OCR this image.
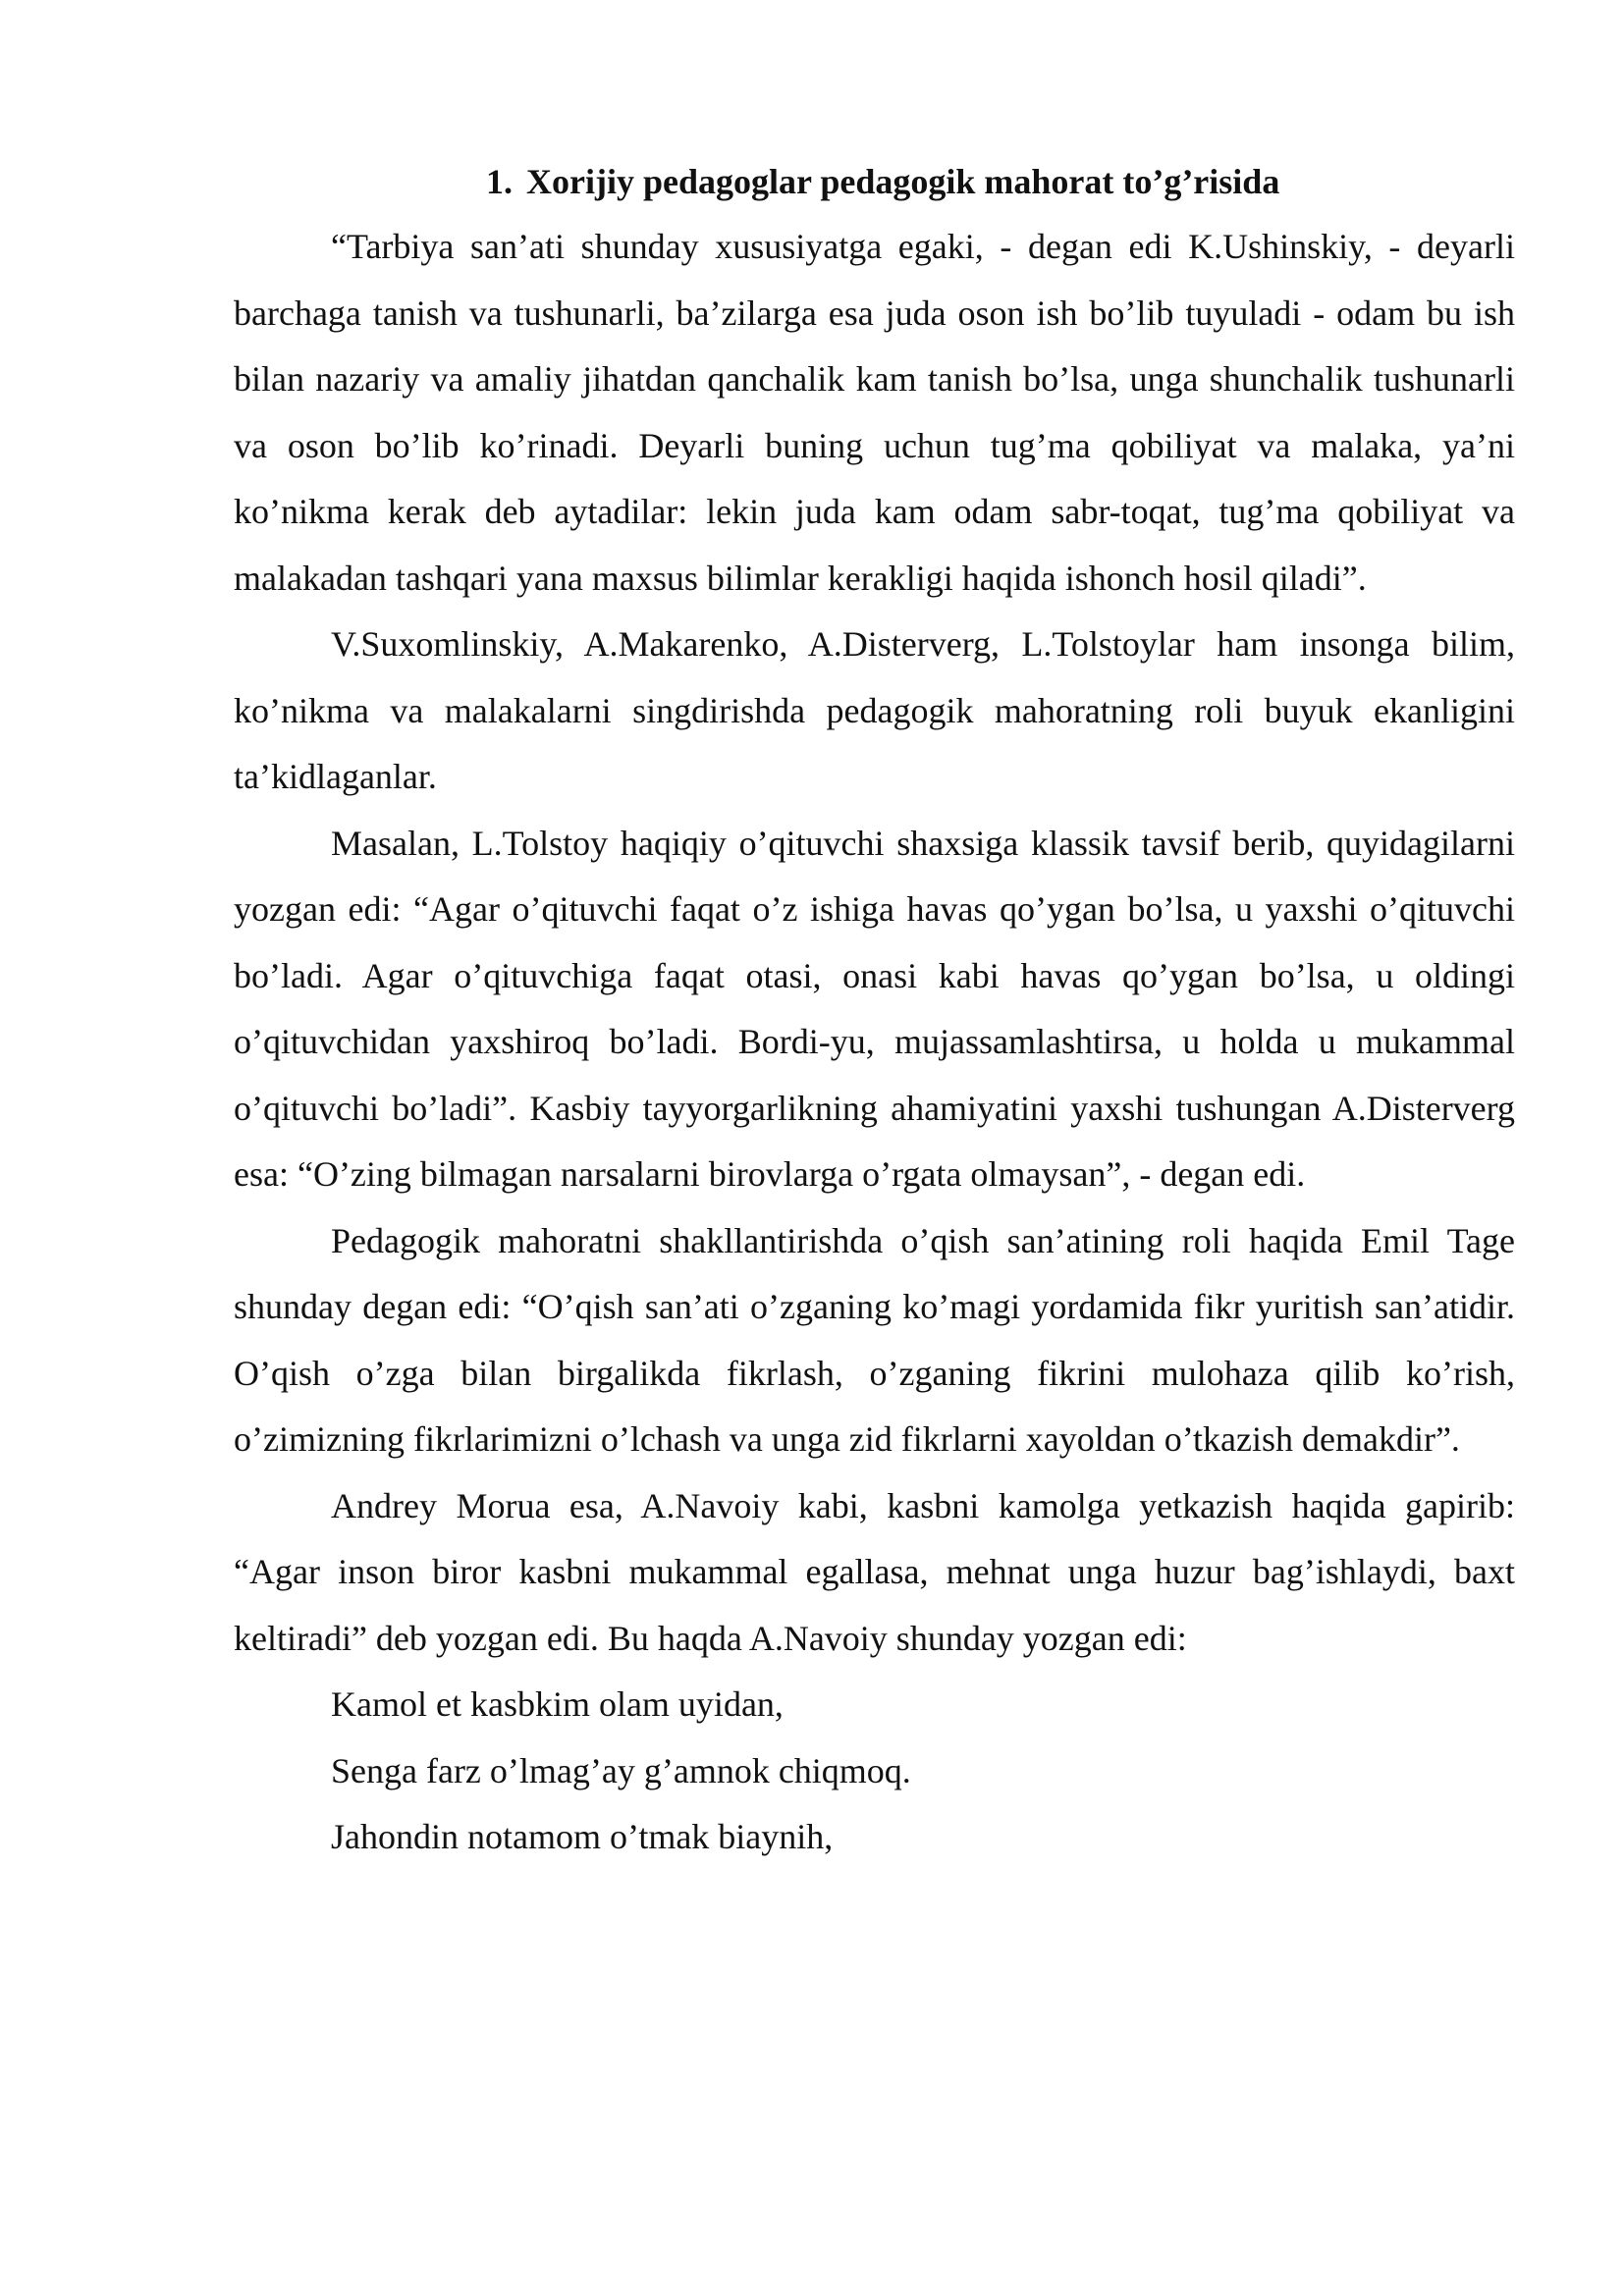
1. Xorijiy pedagoglar pedagogik mahorat to’g’risida

“Tarbiya san’ati shunday xususiyatga egaki, - degan edi K.Ushinskiy, - deyarli barchaga tanish va tushunarli, ba’zilarga esa juda oson ish bo’lib tuyuladi - odam bu ish bilan nazariy va amaliy jihatdan qanchalik kam tanish bo’lsa, unga shunchalik tushunarli va oson bo’lib ko’rinadi. Deyarli buning uchun tug’ma qobiliyat va malaka, ya’ni ko’nikma kerak deb aytadilar: lekin juda kam odam sabr-toqat, tug’ma qobiliyat va malakadan tashqari yana maxsus bilimlar kerakligi haqida ishonch hosil qiladi”.

V.Suxomlinskiy, A.Makarenko, A.Disterverg, L.Tolstoylar ham insonga bilim, ko’nikma va malakalarni singdirishda pedagogik mahoratning roli buyuk ekanligini ta’kidlaganlar.

Masalan, L.Tolstoy haqiqiy o’qituvchi shaxsiga klassik tavsif berib, quyidagilarni yozgan edi: “Agar o’qituvchi faqat o’z ishiga havas qo’ygan bo’lsa, u yaxshi o’qituvchi bo’ladi. Agar o’qituvchiga faqat otasi, onasi kabi havas qo’ygan bo’lsa, u oldingi o’qituvchidan yaxshiroq bo’ladi. Bordi-yu, mujassamlashtirsa, u holda u mukammal o’qituvchi bo’ladi”. Kasbiy tayyorgarlikning ahamiyatini yaxshi tushungan A.Disterverg esa: “O’zing bilmagan narsalarni birovlarga o’rgata olmaysan”, - degan edi.

Pedagogik mahoratni shakllantirishda o’qish san’atining roli haqida Emil Tage shunday degan edi: “O’qish san’ati o’zganing ko’magi yordamida fikr yuritish san’atidir. O’qish o’zga bilan birgalikda fikrlash, o’zganing fikrini mulohaza qilib ko’rish, o’zimizning fikrlarimizni o’lchash va unga zid fikrlarni xayoldan o’tkazish demakdir”.

Andrey Morua esa, A.Navoiy kabi, kasbni kamolga yetkazish haqida gapirib: “Agar inson biror kasbni mukammal egallasa, mehnat unga huzur bag’ishlaydi, baxt keltiradi” deb yozgan edi. Bu haqda A.Navoiy shunday yozgan edi:

Kamol et kasbkim olam uyidan,

Senga farz o’lmag’ay g’amnok chiqmoq.

Jahondin notamom o’tmak biaynih,
